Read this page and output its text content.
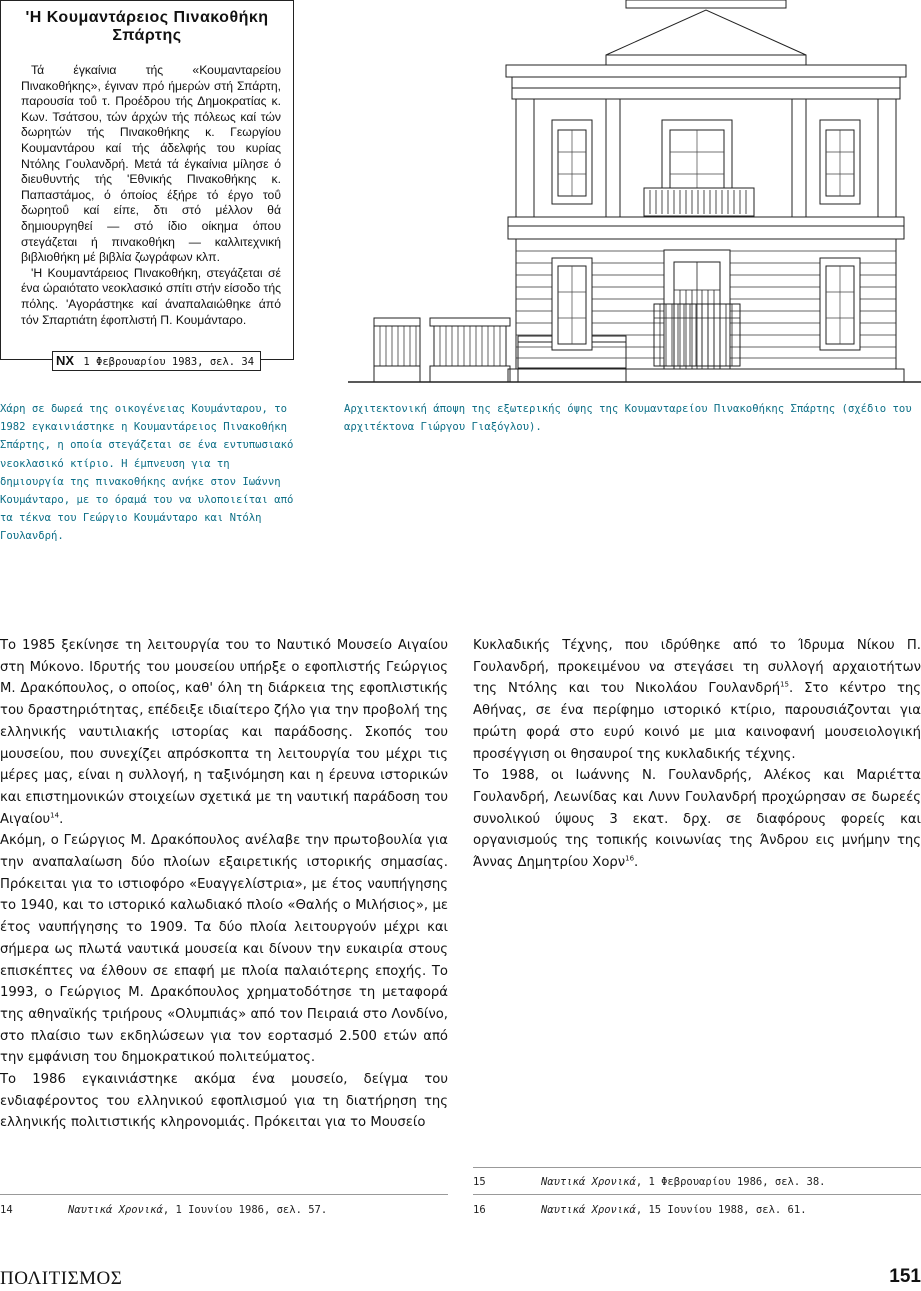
'Η Κουμαντάρειος Πινακοθήκη Σπάρτης

Τά έγκαίνια τής «Κουμανταρείου Πινακοθήκης», έγιναν πρό ήμερών στή Σπάρτη, παρουσία τοΰ τ. Προέδρου τής Δημοκρατίας κ. Κων. Τσάτσου, τών άρχών τής πόλεως καί τών δωρητών τής Πινακοθήκης κ. Γεωργίου Κουμαντάρου καί τής άδελφής του κυρίας Ντόλης Γουλανδρή. Μετά τά έγκαίνια μίλησε ό διευθυντής τής 'Εθνικής Πινακοθήκης κ. Παπαστάμος, ό όποίος έξήρε τό έργο τοΰ δωρητοΰ καί είπε, δτι στό μέλλον θά δημιουργηθεί — στό ίδιο οίκημα όπου στεγάζεται ή πινακοθήκη — καλλιτεχνική βιβλιοθήκη μέ βιβλία ζωγράφων κλπ.

'Η Κουμαντάρειος Πινακοθήκη, στεγάζεται σέ ένα ώραιότατο νεοκλασικό σπίτι στήν είσοδο τής πόλης. 'Αγοράστηκε καί άναπαλαιώθηκε άπό τόν Σπαρτιάτη έφοπλιστή Π. Κουμάνταρο.

NX 1 Φεβρουαρίου 1983, σελ. 34
Χάρη σε δωρεά της οικογένειας Κουμάνταρου, το 1982 εγκαινιάστηκε η Κουμαντάρειος Πινακοθήκη Σπάρτης, η οποία στεγάζεται σε ένα εντυπωσιακό νεοκλασικό κτίριο. Η έμπνευση για τη δημιουργία της πινακοθήκης ανήκε στον Ιωάννη Κουμάνταρο, με το όραμά του να υλοποιείται από τα τέκνα του Γεώργιο Κουμάνταρο και Ντόλη Γουλανδρή.
Αρχιτεκτονική άποψη της εξωτερικής όψης της Κουμανταρείου Πινακοθήκης Σπάρτης (σχέδιο του αρχιτέκτονα Γιώργου Γιαξόγλου).

Το 1985 ξεκίνησε τη λειτουργία του το Ναυτικό Μουσείο Αιγαίου στη Μύκονο. Ιδρυτής του μουσείου υπήρξε ο εφοπλιστής Γεώργιος Μ. Δρακόπουλος, ο οποίος, καθ' όλη τη διάρκεια της εφοπλιστικής του δραστηριότητας, επέδειξε ιδιαίτερο ζήλο για την προβολή της ελληνικής ναυτιλιακής ιστορίας και παράδοσης. Σκοπός του μουσείου, που συνεχίζει απρόσκοπτα τη λειτουργία του μέχρι τις μέρες μας, είναι η συλλογή, η ταξινόμηση και η έρευνα ιστορικών και επιστημονικών στοιχείων σχετικά με τη ναυτική παράδοση του Αιγαίου$^{14}$.

Ακόμη, ο Γεώργιος Μ. Δρακόπουλος ανέλαβε την πρωτοβουλία για την αναπαλαίωση δύο πλοίων εξαιρετικής ιστορικής σημασίας. Πρόκειται για το ιστιοφόρο «Ευαγγελίστρια», με έτος ναυπήγησης το 1940, και το ιστορικό καλωδιακό πλοίο «Θαλής ο Μιλήσιος», με έτος ναυπήγησης το 1909. Τα δύο πλοία λειτουργούν μέχρι και σήμερα ως πλωτά ναυτικά μουσεία και δίνουν την ευκαιρία στους επισκέπτες να έλθουν σε επαφή με πλοία παλαιότερης εποχής. Το 1993, ο Γεώργιος Μ. Δρακόπουλος χρηματοδότησε τη μεταφορά της αθηναϊκής τριήρους «Ολυμπιάς» από τον Πειραιά στο Λονδίνο, στο πλαίσιο των εκδηλώσεων για τον εορτασμό 2.500 ετών από την εμφάνιση του δημοκρατικού πολιτεύματος.

Το 1986 εγκαινιάστηκε ακόμα ένα μουσείο, δείγμα του ενδιαφέροντος του ελληνικού εφοπλισμού για τη διατήρηση της ελληνικής πολιτιστικής κληρονομιάς. Πρόκειται για το Μουσείο

Κυκλαδικής Τέχνης, που ιδρύθηκε από το Ίδρυμα Νίκου Π. Γουλανδρή, προκειμένου να στεγάσει τη συλλογή αρχαιοτήτων της Ντόλης και του Νικολάου Γουλανδρή$^{15}$. Στο κέντρο της Αθήνας, σε ένα περίφημο ιστορικό κτίριο, παρουσιάζονται για πρώτη φορά στο ευρύ κοινό με μια καινοφανή μουσειολογική προσέγγιση οι θησαυροί της κυκλαδικής τέχνης.

Το 1988, οι Ιωάννης Ν. Γουλανδρής, Αλέκος και Μαριέττα Γουλανδρή, Λεωνίδας και Λυνν Γουλανδρή προχώρησαν σε δωρεές συνολικού ύψους 3 εκατ. δρχ. σε διαφόρους φορείς και οργανισμούς της τοπικής κοινωνίας της Άνδρου εις μνήμην της Άννας Δημητρίου Χορν$^{16}$.

15	Ναυτικά Χρονικά, 1 Φεβρουαρίου 1986, σελ. 38.
14	Ναυτικά Χρονικά, 1 Ιουνίου 1986, σελ. 57.	16	Ναυτικά Χρονικά, 15 Ιουνίου 1988, σελ. 61.
ΠΟΛΙΤΙΣΜΟΣ	151
